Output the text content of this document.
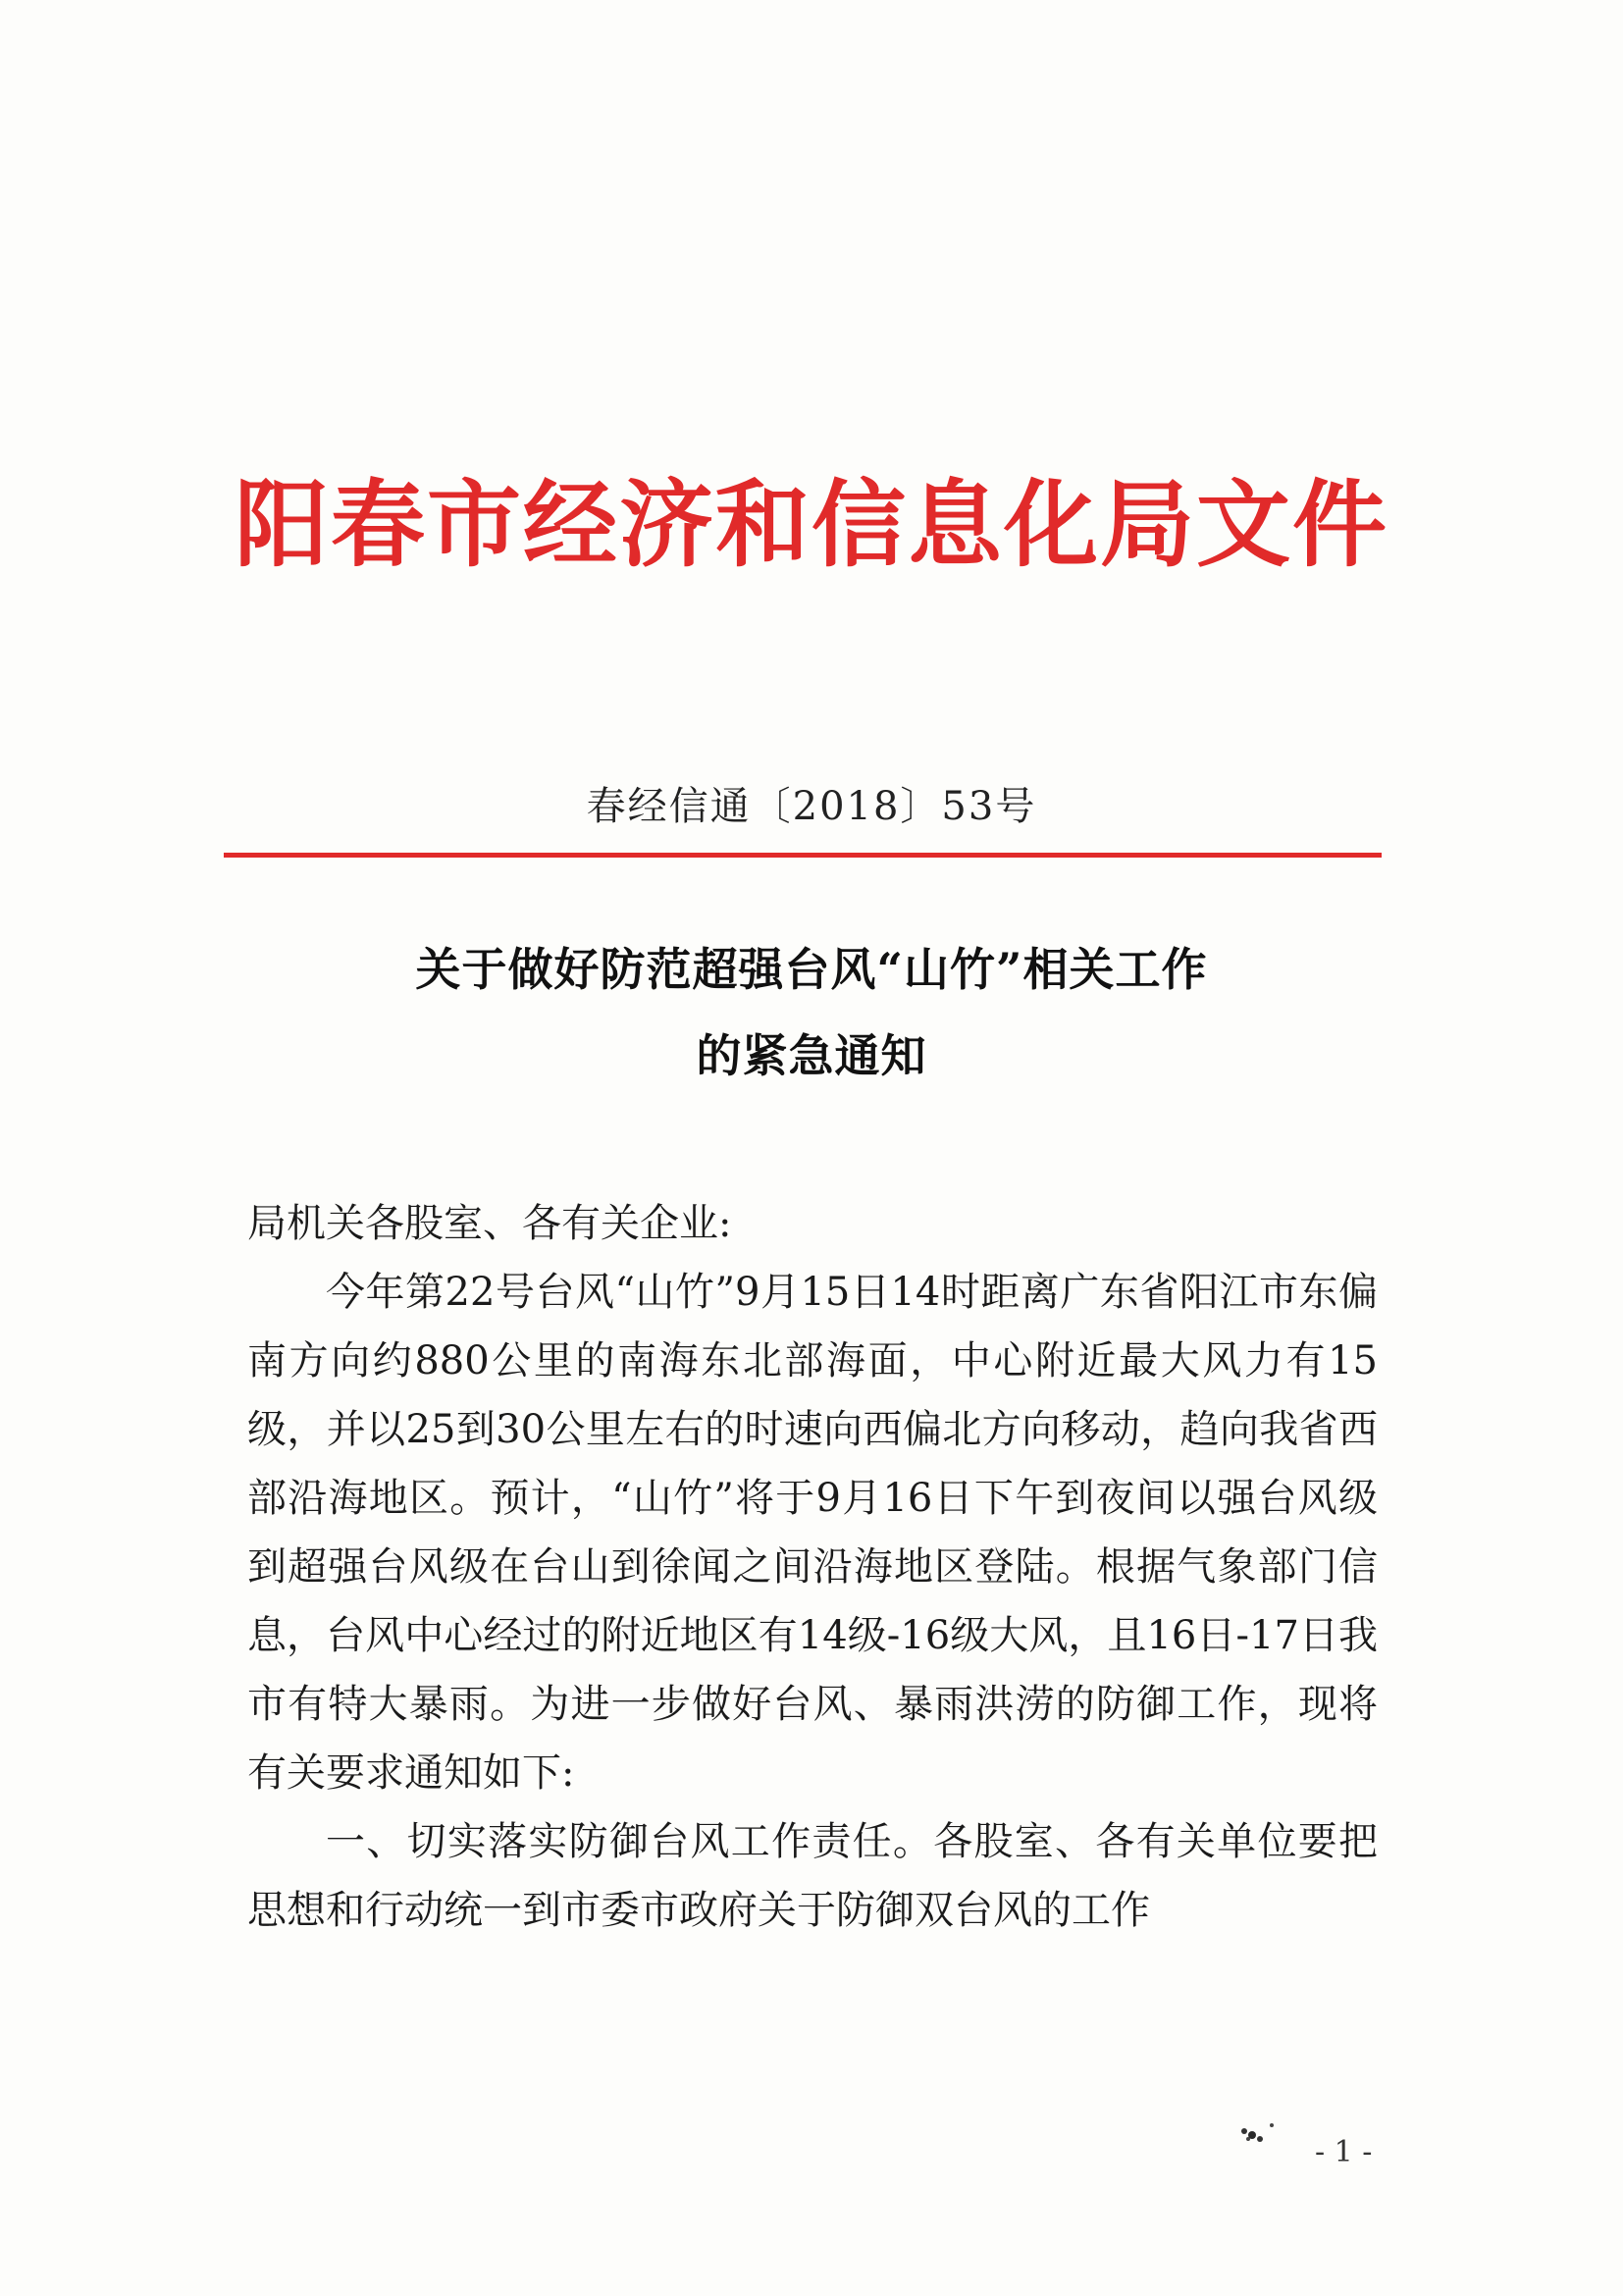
阳春市经济和信息化局文件
春经信通〔2018〕53号
关于做好防范超强台风“山竹”相关工作
的紧急通知

局机关各股室、各有关企业:

今年第22号台风“山竹”9月15日14时距离广东省阳江市东偏南方向约880公里的南海东北部海面，中心附近最大风力有15级，并以25到30公里左右的时速向西偏北方向移动，趋向我省西部沿海地区。预计，“山竹”将于9月16日下午到夜间以强台风级到超强台风级在台山到徐闻之间沿海地区登陆。根据气象部门信息，台风中心经过的附近地区有14级-16级大风，且16日-17日我市有特大暴雨。为进一步做好台风、暴雨洪涝的防御工作，现将有关要求通知如下:

一、切实落实防御台风工作责任。各股室、各有关单位要把思想和行动统一到市委市政府关于防御双台风的工作

- 1 -
